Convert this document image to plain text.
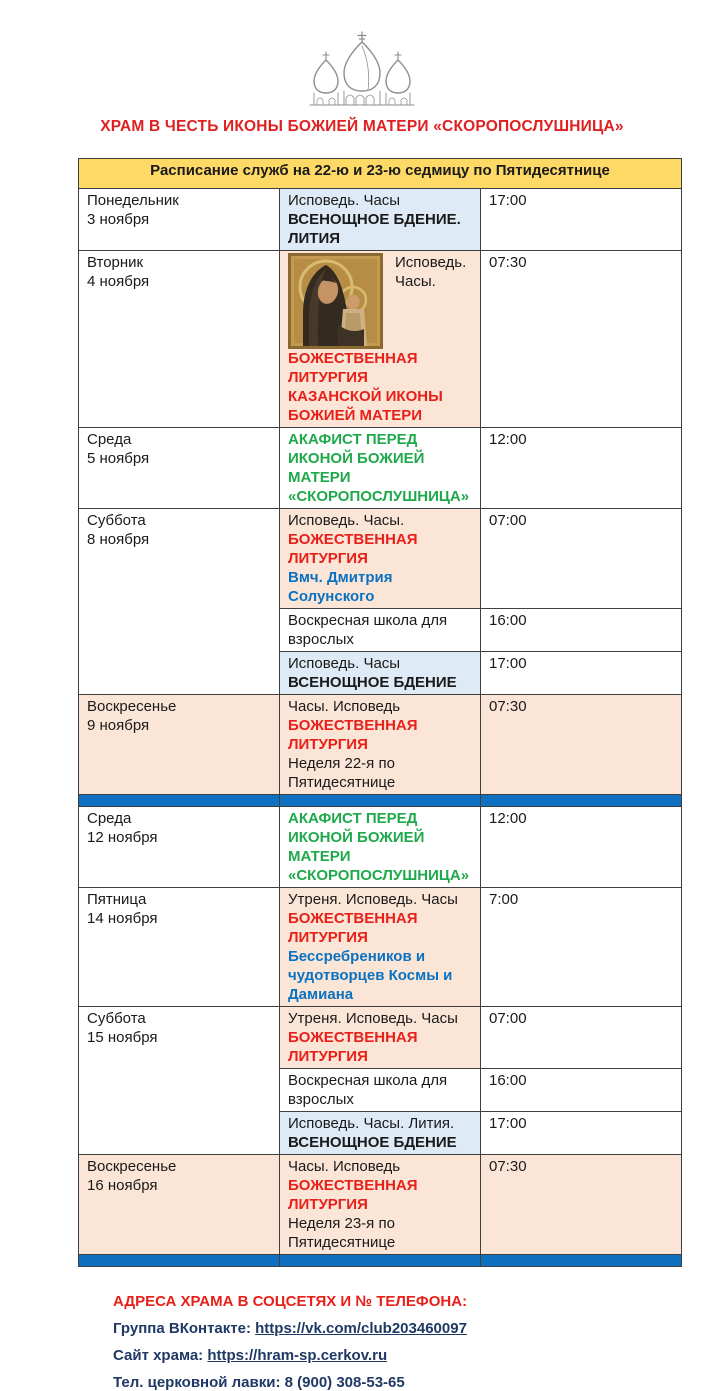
ХРАМ В ЧЕСТЬ ИКОНЫ БОЖИЕЙ МАТЕРИ «СКОРОПОСЛУШНИЦА»
Расписание служб на 22-ю и 23-ю седмицу по Пятидесятнице		

Понедельник
3 ноября	Исповедь. Часы
ВСЕНОЩНОЕ БДЕНИЕ. ЛИТИЯ	17:00

Вторник
4 ноября	Исповедь. Часы.
БОЖЕСТВЕННАЯ ЛИТУРГИЯ
КАЗАНСКОЙ ИКОНЫ БОЖИЕЙ МАТЕРИ	07:30

Среда
5 ноября	АКАФИСТ ПЕРЕД ИКОНОЙ БОЖИЕЙ МАТЕРИ
«СКОРОПОСЛУШНИЦА»	12:00

Суббота
8 ноября	Исповедь. Часы.
БОЖЕСТВЕННАЯ ЛИТУРГИЯ
Вмч. Дмитрия Солунского	07:00

	Воскресная школа для взрослых	16:00

	Исповедь. Часы
ВСЕНОЩНОЕ БДЕНИЕ	17:00

Воскресенье
9 ноября	Часы. Исповедь
БОЖЕСТВЕННАЯ ЛИТУРГИЯ
Неделя 22-я по Пятидесятнице	07:30

Среда
12 ноября	АКАФИСТ ПЕРЕД ИКОНОЙ БОЖИЕЙ МАТЕРИ
«СКОРОПОСЛУШНИЦА»	12:00

Пятница
14 ноября	Утреня. Исповедь. Часы
БОЖЕСТВЕННАЯ ЛИТУРГИЯ
Бессребреников и чудотворцев Космы и Дамиана	7:00

Суббота
15 ноября	Утреня. Исповедь. Часы
БОЖЕСТВЕННАЯ ЛИТУРГИЯ	07:00

	Воскресная школа для взрослых	16:00

	Исповедь. Часы. Лития.
ВСЕНОЩНОЕ БДЕНИЕ	17:00

Воскресенье
16 ноября	Часы. Исповедь
БОЖЕСТВЕННАЯ ЛИТУРГИЯ
Неделя 23-я по Пятидесятнице	07:30

АДРЕСА ХРАМА В СОЦСЕТЯХ И № ТЕЛЕФОНА:
Группа ВКонтакте: https://vk.com/club203460097
Сайт храма: https://hram-sp.cerkov.ru
Тел. церковной лавки: 8 (900) 308-53-65
